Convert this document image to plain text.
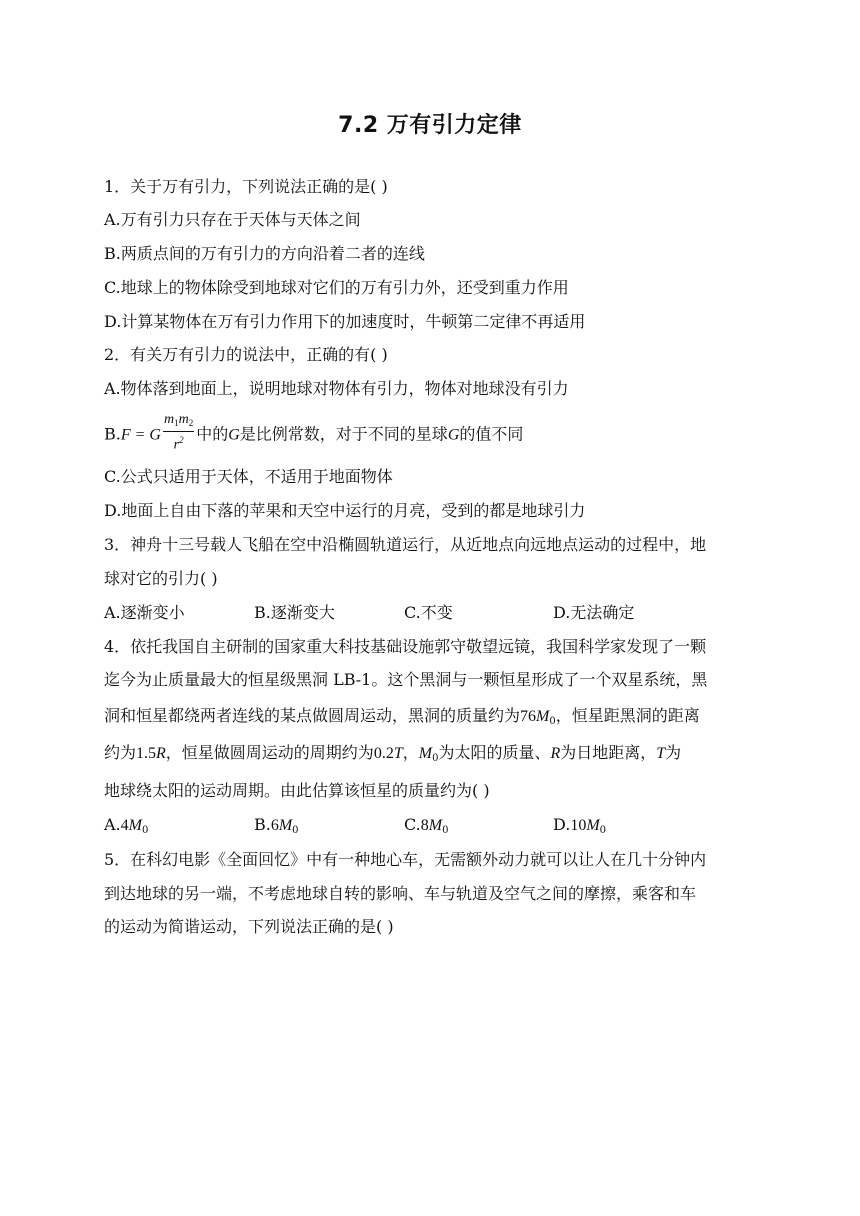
7.2 万有引力定律
1．关于万有引力，下列说法正确的是( )
A.万有引力只存在于天体与天体之间
B.两质点间的万有引力的方向沿着二者的连线
C.地球上的物体除受到地球对它们的万有引力外，还受到重力作用
D.计算某物体在万有引力作用下的加速度时，牛顿第二定律不再适用
2．有关万有引力的说法中，正确的有( )
A.物体落到地面上，说明地球对物体有引力，物体对地球没有引力
B.F = G $\frac{m_1m_2}{r^2}$ 中的G是比例常数，对于不同的星球G的值不同
C.公式只适用于天体，不适用于地面物体
D.地面上自由下落的苹果和天空中运行的月亮，受到的都是地球引力
3．神舟十三号载人飞船在空中沿椭圆轨道运行，从近地点向远地点运动的过程中，地
球对它的引力( )
A.逐渐变小	B.逐渐变大	C.不变	D.无法确定
4．依托我国自主研制的国家重大科技基础设施郭守敬望远镜，我国科学家发现了一颗
迄今为止质量最大的恒星级黑洞 LB-1。这个黑洞与一颗恒星形成了一个双星系统，黑
洞和恒星都绕两者连线的某点做圆周运动，黑洞的质量约为$76M_0$，恒星距黑洞的距离
约为1.5R，恒星做圆周运动的周期约为0.2T，$M_0$为太阳的质量、R为日地距离，T为
地球绕太阳的运动周期。由此估算该恒星的质量约为( )
$A.4M_0$	$B.6M_0$	$C.8M_0$	$D.10M_0$
5．在科幻电影《全面回忆》中有一种地心车，无需额外动力就可以让人在几十分钟内
到达地球的另一端，不考虑地球自转的影响、车与轨道及空气之间的摩擦，乘客和车
的运动为简谐运动，下列说法正确的是( )
